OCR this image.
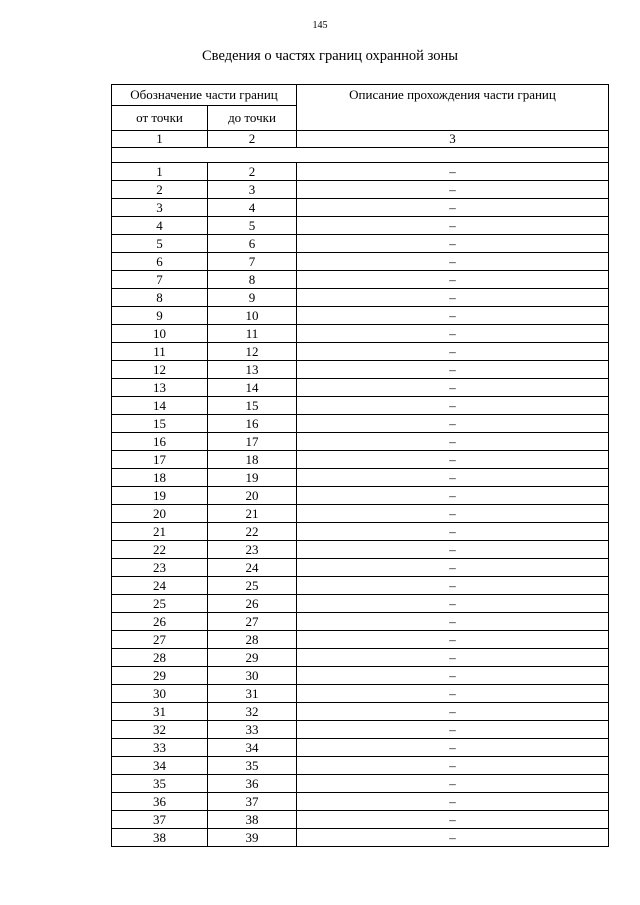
145
Сведения о частях границ охранной зоны
Обозначение части границ		Описание прохождения части границ
от точки	до точки	
1	2	3

1	2	–
2	3	–
3	4	–
4	5	–
5	6	–
6	7	–
7	8	–
8	9	–
9	10	–
10	11	–
11	12	–
12	13	–
13	14	–
14	15	–
15	16	–
16	17	–
17	18	–
18	19	–
19	20	–
20	21	–
21	22	–
22	23	–
23	24	–
24	25	–
25	26	–
26	27	–
27	28	–
28	29	–
29	30	–
30	31	–
31	32	–
32	33	–
33	34	–
34	35	–
35	36	–
36	37	–
37	38	–
38	39	–
